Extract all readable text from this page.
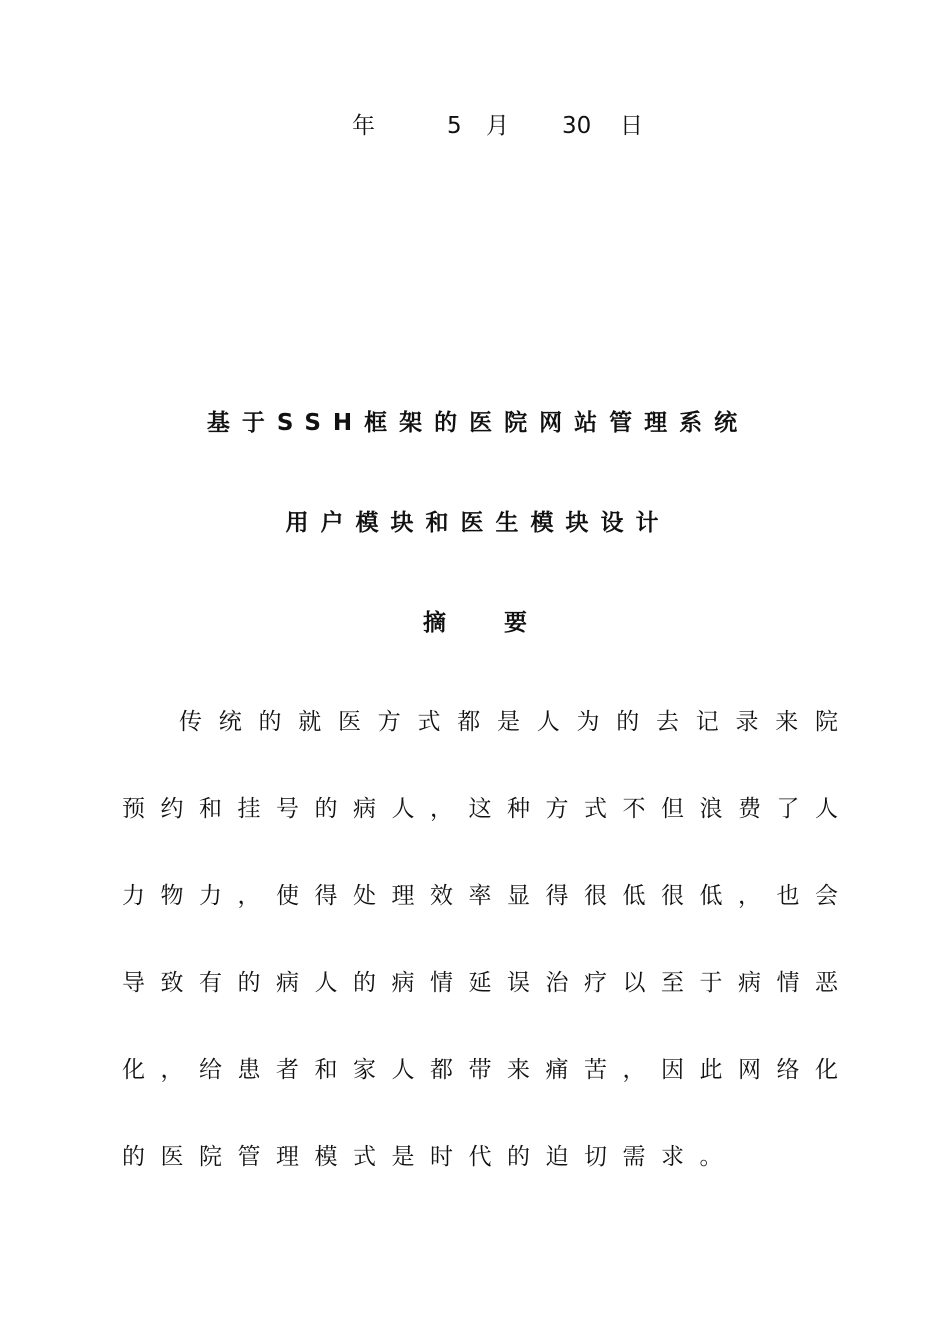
年	5 月 30 日
基于SSH框架的医院网站管理系统
用户模块和医生模块设计
摘要
传 统 的 就 医 方 式 都 是 人 为 的 去 记 录 来 院
预 约 和 挂 号 的 病 人 ， 这 种 方 式 不 但 浪 费 了 人
力 物 力 ， 使 得 处 理 效 率 显 得 很 低 很 低 ， 也 会
导 致 有 的 病 人 的 病 情 延 误 治 疗 以 至 于 病 情 恶
化 ， 给 患 者 和 家 人 都 带 来 痛 苦 ， 因 此 网 络 化
的医院管理模式是时代的迫切需求。
